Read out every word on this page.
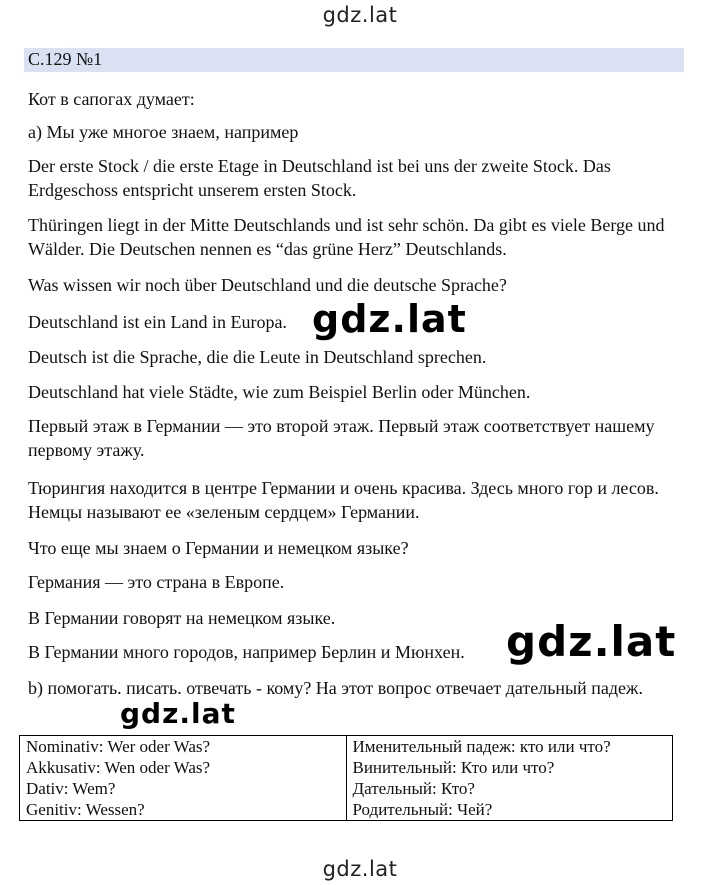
gdz.lat
С.129 №1

Кот в сапогах думает:

а) Мы уже многое знаем, например

Der erste Stock / die erste Etage in Deutschland ist bei uns der zweite Stock. Das Erdgeschoss entspricht unserem ersten Stock.

Thüringen liegt in der Mitte Deutschlands und ist sehr schön. Da gibt es viele Berge und Wälder. Die Deutschen nennen es “das grüne Herz” Deutschlands.

Was wissen wir noch über Deutschland und die deutsche Sprache?

Deutschland ist ein Land in Europa.

Deutsch ist die Sprache, die die Leute in Deutschland sprechen.

Deutschland hat viele Städte, wie zum Beispiel Berlin oder München.

Первый этаж в Германии — это второй этаж. Первый этаж соответствует нашему первому этажу.

Тюрингия находится в центре Германии и очень красива. Здесь много гор и лесов. Немцы называют ее «зеленым сердцем» Германии.

Что еще мы знаем о Германии и немецком языке?

Германия — это страна в Европе.

В Германии говорят на немецком языке.

В Германии много городов, например Берлин и Мюнхен.

b) помогать. писать. отвечать - кому? На этот вопрос отвечает дательный падеж.

gdz.lat
gdz.lat
gdz.lat
Nominativ: Wer oder Was?	Именительный падеж: кто или что?
Akkusativ: Wen oder Was?	Винительный: Кто или что?
Dativ: Wem?	Дательный: Кто?
Genitiv: Wessen?	Родительный: Чей?
gdz.lat
